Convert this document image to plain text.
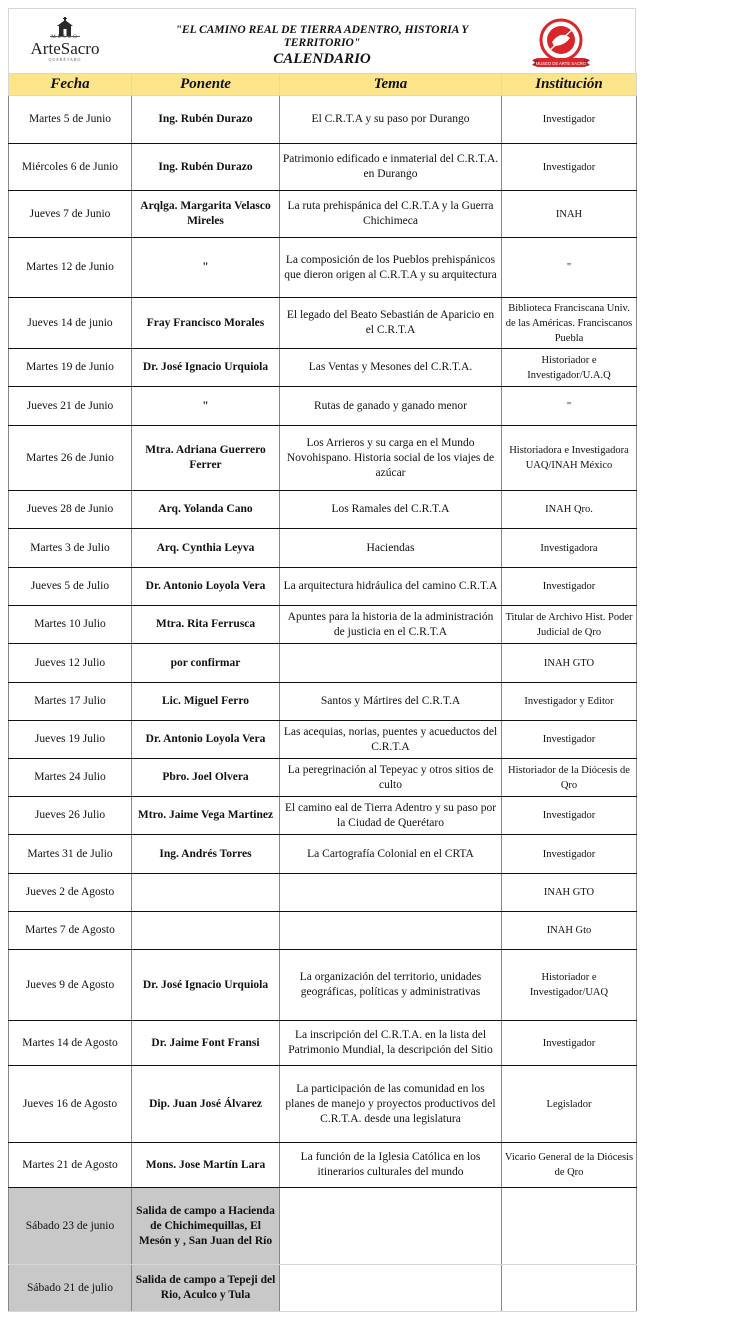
MUSEO
ArteSacro
QUERÉTARO
"EL CAMINO REAL DE TIERRA ADENTRO, HISTORIA Y TERRITORIO"
CALENDARIO	MUSEO DE ARTE SACRO
Fecha	Ponente	Tema	Institución
Martes 5 de Junio	Ing. Rubén Durazo	El C.R.T.A y su paso por Durango	Investigador
Miércoles 6 de Junio	Ing. Rubén Durazo	Patrimonio edificado e inmaterial del C.R.T.A. en Durango	Investigador
Jueves 7 de Junio	Arqlga. Margarita Velasco Mireles	La ruta prehispánica del C.R.T.A y la Guerra Chichimeca	INAH
Martes 12 de Junio	"	La composición de los Pueblos prehispánicos que dieron origen al C.R.T.A y su arquitectura	"
Jueves 14 de junio	Fray Francisco Morales	El legado del Beato Sebastián de Aparicio en el C.R.T.A	Biblioteca Franciscana Univ. de las Américas. Franciscanos Puebla
Martes 19 de Junio	Dr. José Ignacio Urquiola	Las Ventas y Mesones del C.R.T.A.	Historiador e Investigador/U.A.Q
Jueves 21 de Junio	"	Rutas de ganado y ganado menor	"
Martes 26 de Junio	Mtra. Adriana Guerrero Ferrer	Los Arrieros y su carga en el Mundo Novohispano. Historia social de los viajes de azúcar	Historiadora e Investigadora UAQ/INAH México
Jueves 28 de Junio	Arq. Yolanda Cano	Los Ramales del C.R.T.A	INAH Qro.
Martes 3 de Julio	Arq. Cynthia Leyva	Haciendas	Investigadora
Jueves 5 de Julio	Dr. Antonio Loyola Vera	La arquitectura hidráulica del camino C.R.T.A	Investigador
Martes 10 Julio	Mtra. Rita Ferrusca	Apuntes para la historia de la administración de justicia en el C.R.T.A	Titular de Archivo Hist. Poder Judicial de Qro
Jueves 12 Julio	por confirmar		INAH GTO
Martes 17 Julio	Lic. Miguel Ferro	Santos y Mártires del C.R.T.A	Investigador y Editor
Jueves 19 Julio	Dr. Antonio Loyola Vera	Las acequias, norias, puentes y acueductos del C.R.T.A	Investigador
Martes 24 Julio	Pbro. Joel Olvera	La peregrinación al Tepeyac y otros sitios de culto	Historiador de la Diócesis de Qro
Jueves 26 Julio	Mtro. Jaime Vega Martinez	El camino eal de Tierra Adentro y su paso por la Ciudad de Querétaro	Investigador
Martes 31 de Julio	Ing. Andrés Torres	La Cartografía Colonial en el CRTA	Investigador
Jueves 2 de Agosto			INAH GTO
Martes 7 de Agosto			INAH Gto
Jueves 9 de Agosto	Dr. José Ignacio Urquiola	La organización del territorio, unidades geográficas, políticas y administrativas	Historiador e Investigador/UAQ
Martes 14 de Agosto	Dr. Jaime Font Fransi	La inscripción del C.R.T.A. en la lista del Patrimonio Mundial, la descripción del Sitio	Investigador
Jueves 16 de Agosto	Dip. Juan José Álvarez	La participación de las comunidad en los planes de manejo y proyectos productivos del C.R.T.A. desde una legislatura	Legislador
Martes 21 de Agosto	Mons. Jose Martín Lara	La función de la Iglesia Católica en los itinerarios culturales del mundo	Vicario General de la Diócesis de Qro
Sábado 23 de junio	Salida de campo a Hacienda de Chichimequillas, El Mesón y , San Juan del Río		
Sábado 21 de julio	Salida de campo a Tepeji del Rio, Aculco y Tula		
